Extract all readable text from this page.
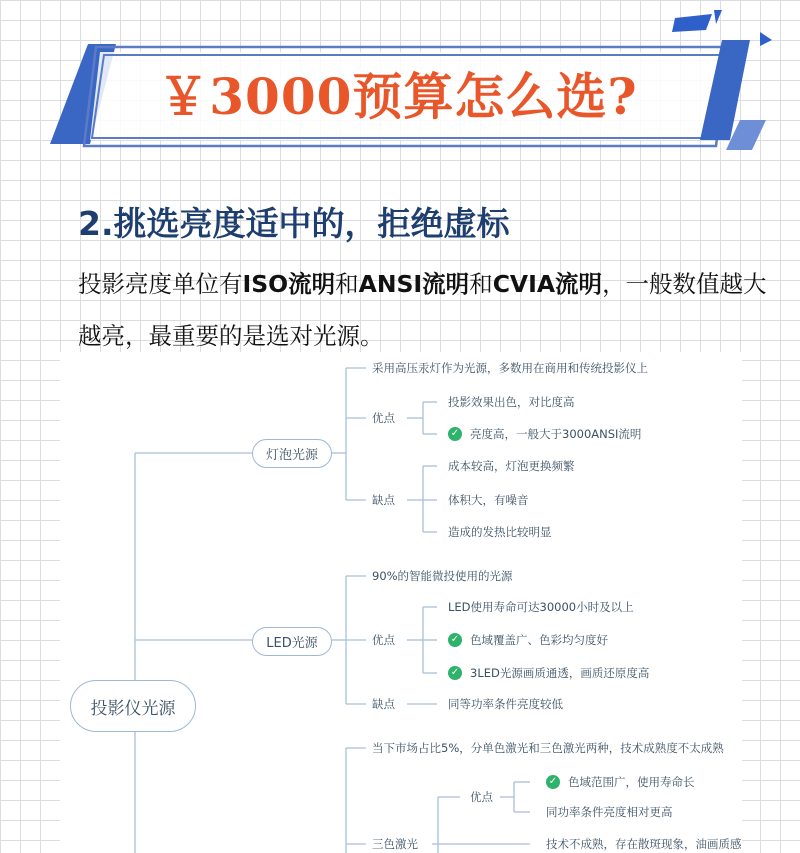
￥3000预算怎么选?
2.挑选亮度适中的，拒绝虚标

投影亮度单位有ISO流明和ANSI流明和CVIA流明，一般数值越大越亮，最重要的是选对光源。

投影仪光源
灯泡光源
采用高压汞灯作为光源，多数用在商用和传统投影仪上
优点
投影效果出色，对比度高
✓ 亮度高，一般大于3000ANSI流明
缺点
成本较高，灯泡更换频繁
体积大，有噪音
造成的发热比较明显
LED光源
90%的智能微投使用的光源
优点
LED使用寿命可达30000小时及以上
✓ 色域覆盖广、色彩均匀度好
✓ 3LED光源画质通透，画质还原度高
缺点	同等功率条件亮度较低
当下市场占比5%，分单色激光和三色激光两种，技术成熟度不太成熟
优点
✓ 色域范围广，使用寿命长
同功率条件亮度相对更高
三色激光	技术不成熟，存在散斑现象，油画质感
